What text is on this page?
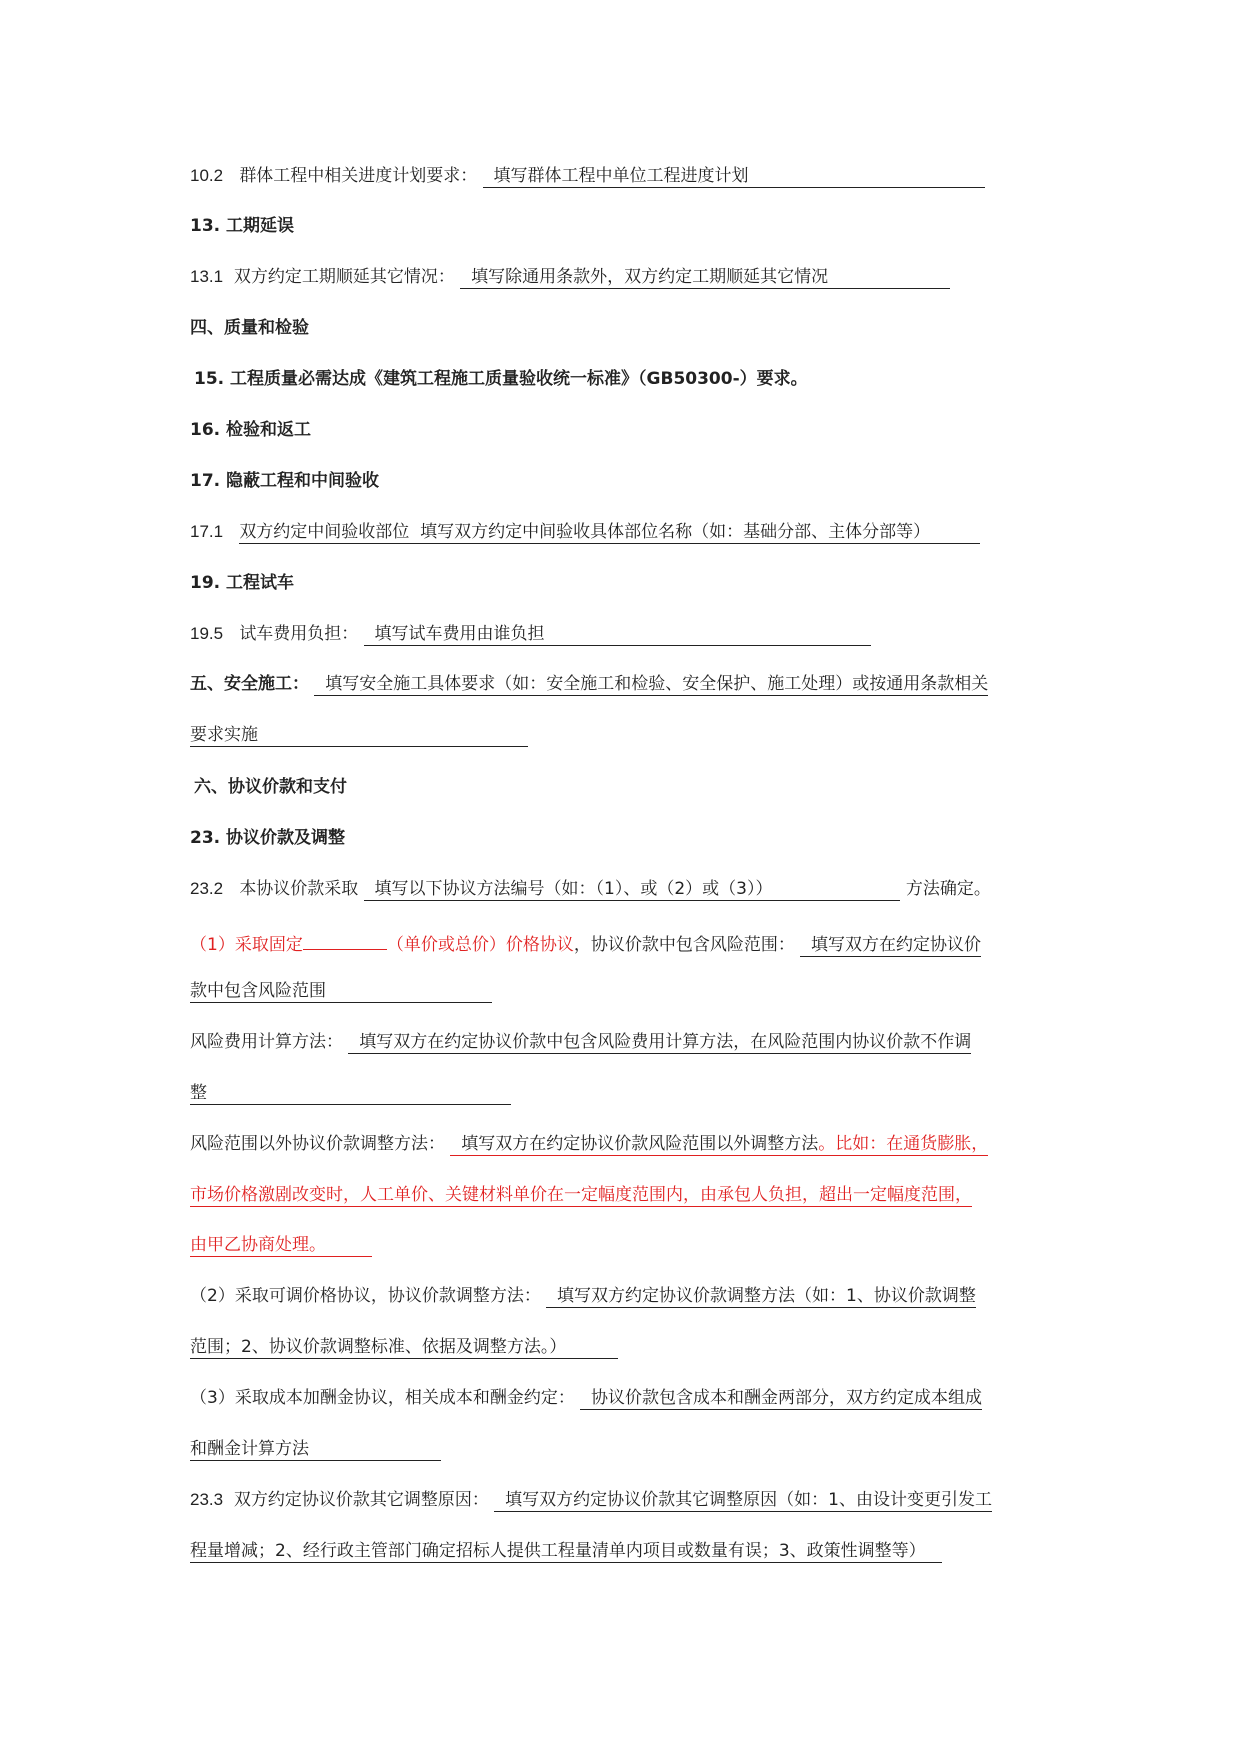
10.2 群体工程中相关进度计划要求： 填写群体工程中单位工程进度计划
13. 工期延误
13.1 双方约定工期顺延其它情况： 填写除通用条款外，双方约定工期顺延其它情况
四、质量和检验
15. 工程质量必需达成《建筑工程施工质量验收统一标准》（GB50300-）要求。
16. 检验和返工
17. 隐蔽工程和中间验收
17.1 双方约定中间验收部位 填写双方约定中间验收具体部位名称（如：基础分部、主体分部等）
19. 工程试车
19.5 试车费用负担： 填写试车费用由谁负担
五、安全施工： 填写安全施工具体要求（如：安全施工和检验、安全保护、施工处理）或按通用条款相关
要求实施
六、协议价款和支付
23. 协议价款及调整
23.2 本协议价款采取 填写以下协议方法编号（如：（1）、或（2）或（3））	方法确定。
（1）采取固定	（单价或总价）价格协议，协议价款中包含风险范围： 填写双方在约定协议价
款中包含风险范围
风险费用计算方法： 填写双方在约定协议价款中包含风险费用计算方法，在风险范围内协议价款不作调
整
风险范围以外协议价款调整方法： 填写双方在约定协议价款风险范围以外调整方法。比如：在通货膨胀，
市场价格激剧改变时，人工单价、关键材料单价在一定幅度范围内，由承包人负担，超出一定幅度范围，
由甲乙协商处理。
（2）采取可调价格协议，协议价款调整方法： 填写双方约定协议价款调整方法（如：1、协议价款调整
范围；2、协议价款调整标准、依据及调整方法。）
（3）采取成本加酬金协议，相关成本和酬金约定： 协议价款包含成本和酬金两部分，双方约定成本组成
和酬金计算方法
23.3 双方约定协议价款其它调整原因： 填写双方约定协议价款其它调整原因（如：1、由设计变更引发工
程量增减；2、经行政主管部门确定招标人提供工程量清单内项目或数量有误；3、政策性调整等）
